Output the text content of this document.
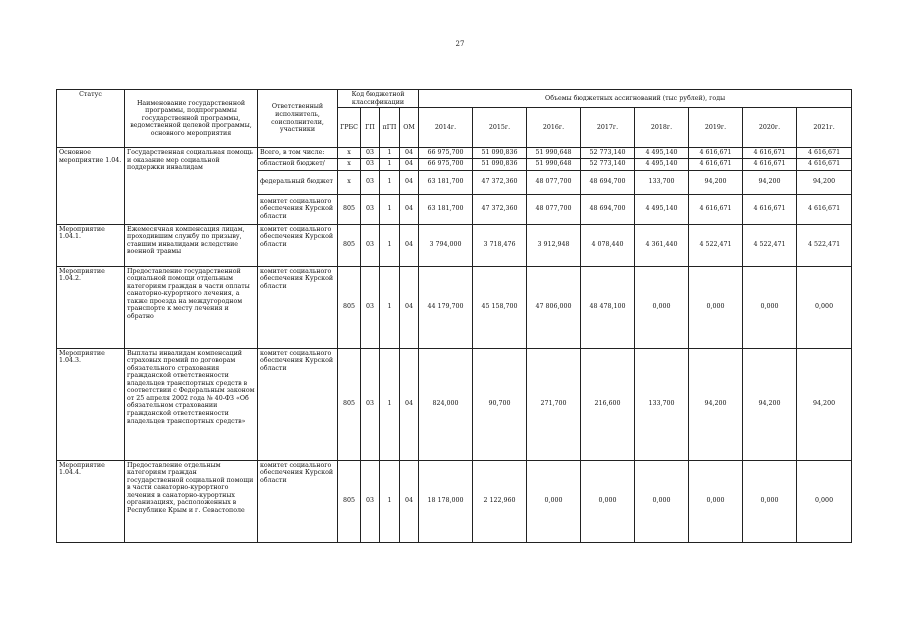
27
Статус	Наименование государственной программы, подпрограммы государственной программы, ведомственной целевой программы, основного мероприятия	Ответственный исполнитель, соисполнители, участники	Код бюджетной классификации				Объемы бюджетных ассигнований (тыс рублей), годы							
			ГРБС	ГП	пГП	ОМ	2014г.	2015г.	2016г.	2017г.	2018г.	2019г.	2020г.	2021г.
Основное мероприятие 1.04.	Государственная социальная помощь и оказание мер социальной поддержки инвалидам	Всего, в том числе:	x	03	1	04	66 975,700	51 090,836	51 990,648	52 773,140	4 495,140	4 616,671	4 616,671	4 616,671
		областной бюджет/	x	03	1	04	66 975,700	51 090,836	51 990,648	52 773,140	4 495,140	4 616,671	4 616,671	4 616,671
		федеральный бюджет	x	03	1	04	63 181,700	47 372,360	48 077,700	48 694,700	133,700	94,200	94,200	94,200
		комитет социального обеспечения Курской области	805	03	1	04	63 181,700	47 372,360	48 077,700	48 694,700	4 495,140	4 616,671	4 616,671	4 616,671
Мероприятие 1.04.1.	Ежемесячная компенсация лицам, проходившим службу по призыву, ставшим инвалидами вследствие военной травмы	комитет социального обеспечения Курской области	805	03	1	04	3 794,000	3 718,476	3 912,948	4 078,440	4 361,440	4 522,471	4 522,471	4 522,471
Мероприятие 1.04.2.	Предоставление государственной социальной помощи отдельным категориям граждан в части оплаты санаторно-курортного лечения, а также проезда на междугородном транспорте к месту лечения и обратно	комитет социального обеспечения Курской области	805	03	1	04	44 179,700	45 158,700	47 806,000	48 478,100	0,000	0,000	0,000	0,000
Мероприятие 1.04.3.	Выплаты инвалидам компенсаций страховых премий по договорам обязательного страхования гражданской ответственности владельцев транспортных средств в соответствии с Федеральным законом от 25 апреля 2002 года № 40-ФЗ «Об обязательном страховании гражданской ответственности владельцев транспортных средств»	комитет социального обеспечения Курской области	805	03	1	04	824,000	90,700	271,700	216,600	133,700	94,200	94,200	94,200
Мероприятие 1.04.4.	Предоставление отдельным категориям граждан государственной социальной помощи в части санаторно-курортного лечения в санаторно-курортных организациях, расположенных в Республике Крым и г. Севастополе	комитет социального обеспечения Курской области	805	03	1	04	18 178,000	2 122,960	0,000	0,000	0,000	0,000	0,000	0,000
